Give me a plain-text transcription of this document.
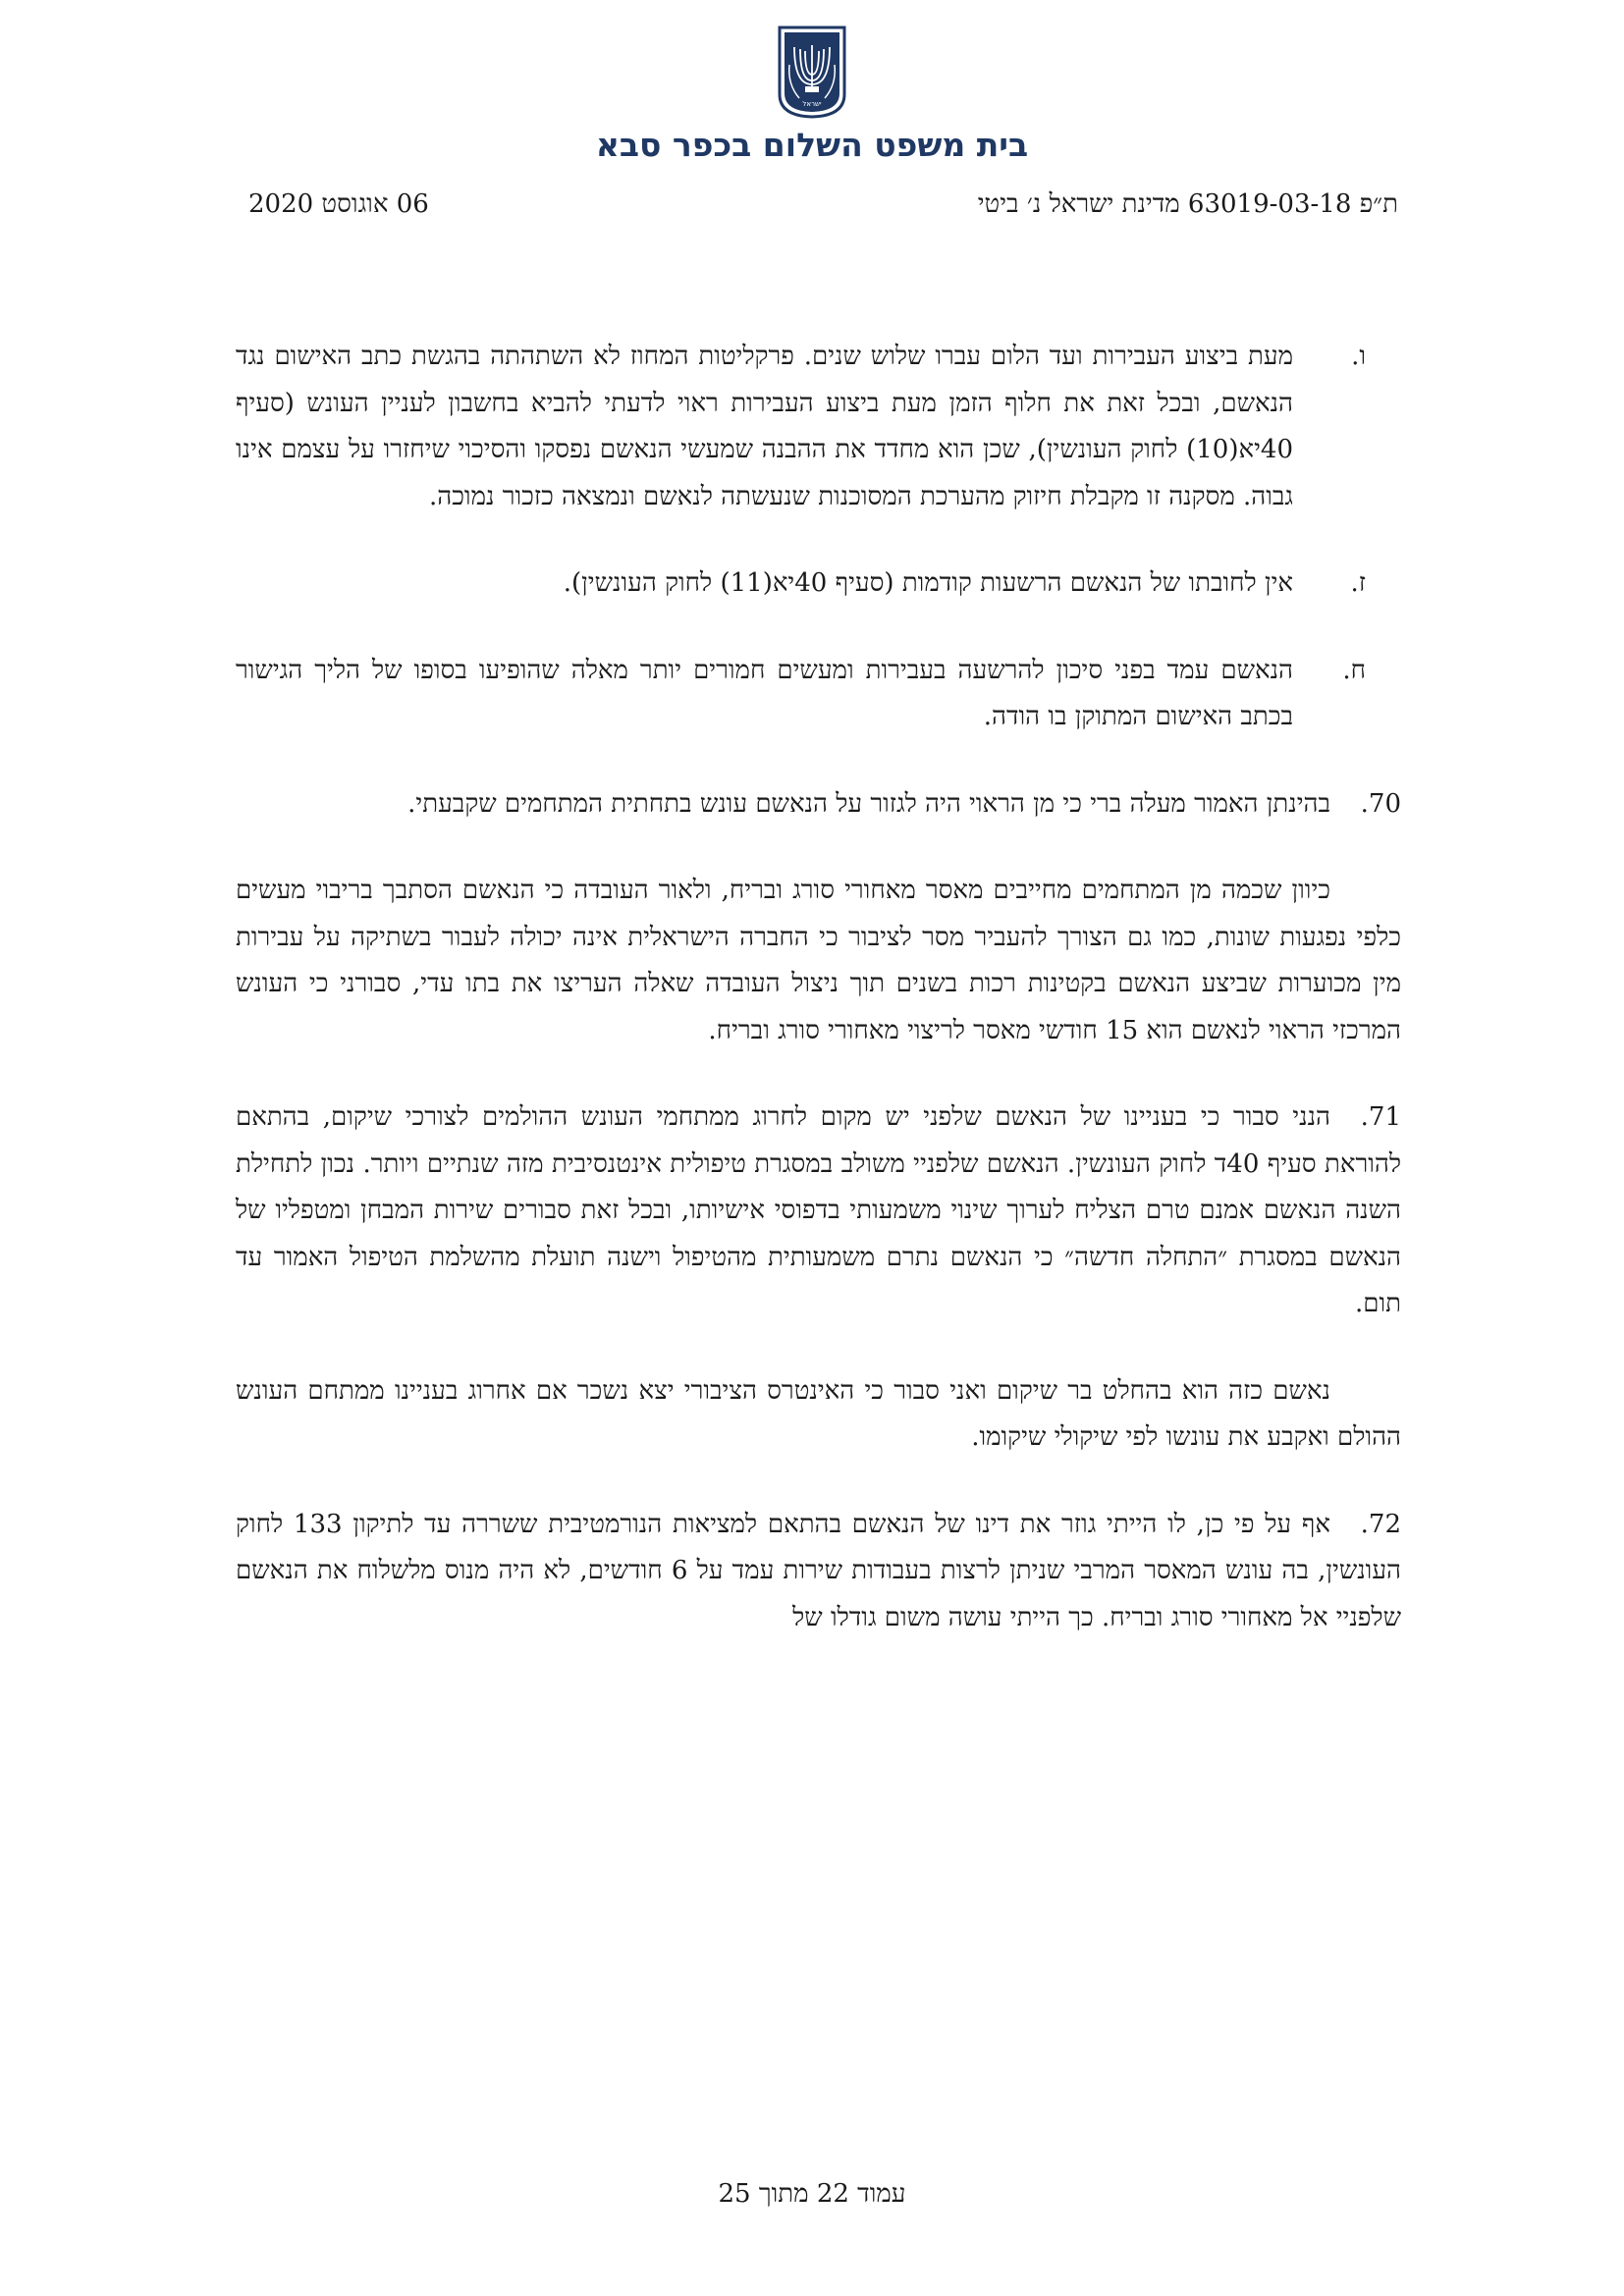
ישראל
בית משפט השלום בכפר סבא
ת״פ 63019-03-18 מדינת ישראל נ׳ ביטי
06 אוגוסט 2020
ו.
מעת ביצוע העבירות ועד הלום עברו שלוש שנים. פרקליטות המחוז לא השתהתה בהגשת כתב האישום נגד הנאשם, ובכל זאת את חלוף הזמן מעת ביצוע העבירות ראוי לדעתי להביא בחשבון לעניין העונש (סעיף 40יא(10) לחוק העונשין), שכן הוא מחדד את ההבנה שמעשי הנאשם נפסקו והסיכוי שיחזרו על עצמם אינו גבוה. מסקנה זו מקבלת חיזוק מהערכת המסוכנות שנעשתה לנאשם ונמצאה כזכור נמוכה.
ז.
אין לחובתו של הנאשם הרשעות קודמות (סעיף 40יא(11) לחוק העונשין).
ח.
הנאשם עמד בפני סיכון להרשעה בעבירות ומעשים חמורים יותר מאלה שהופיעו בסופו של הליך הגישור בכתב האישום המתוקן בו הודה.

70.
בהינתן האמור מעלה ברי כי מן הראוי היה לגזור על הנאשם עונש בתחתית המתחמים שקבעתי.

כיוון שכמה מן המתחמים מחייבים מאסר מאחורי סורג ובריח, ולאור העובדה כי הנאשם הסתבך בריבוי מעשים כלפי נפגעות שונות, כמו גם הצורך להעביר מסר לציבור כי החברה הישראלית אינה יכולה לעבור בשתיקה על עבירות מין מכוערות שביצע הנאשם בקטינות רכות בשנים תוך ניצול העובדה שאלה העריצו את בתו עדי, סבורני כי העונש המרכזי הראוי לנאשם הוא 15 חודשי מאסר לריצוי מאחורי סורג ובריח.

71.
הנני סבור כי בעניינו של הנאשם שלפני יש מקום לחרוג ממתחמי העונש ההולמים לצורכי שיקום, בהתאם להוראת סעיף 40ד לחוק העונשין. הנאשם שלפניי משולב במסגרת טיפולית אינטנסיבית מזה שנתיים ויותר. נכון לתחילת השנה הנאשם אמנם טרם הצליח לערוך שינוי משמעותי בדפוסי אישיותו, ובכל זאת סבורים שירות המבחן ומטפליו של הנאשם במסגרת ״התחלה חדשה״ כי הנאשם נתרם משמעותית מהטיפול וישנה תועלת מהשלמת הטיפול האמור עד תום.

נאשם כזה הוא בהחלט בר שיקום ואני סבור כי האינטרס הציבורי יצא נשכר אם אחרוג בעניינו ממתחם העונש ההולם ואקבע את עונשו לפי שיקולי שיקומו.

72.
אף על פי כן, לו הייתי גוזר את דינו של הנאשם בהתאם למציאות הנורמטיבית ששררה עד לתיקון 133 לחוק העונשין, בה עונש המאסר המרבי שניתן לרצות בעבודות שירות עמד על 6 חודשים, לא היה מנוס מלשלוח את הנאשם שלפניי אל מאחורי סורג ובריח. כך הייתי עושה משום גודלו של

עמוד 22 מתוך 25
